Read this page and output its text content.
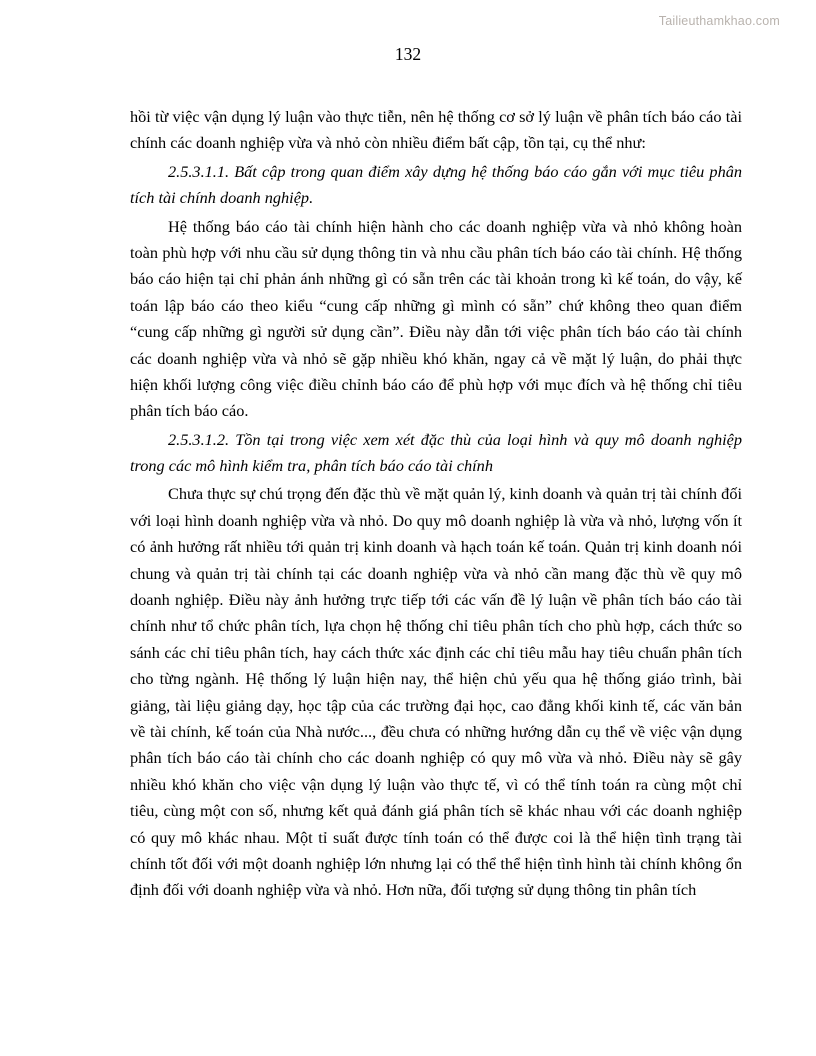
Tailieuthamkhao.com
132

hồi từ việc vận dụng lý luận vào thực tiễn, nên hệ thống cơ sở lý luận về phân tích báo cáo tài chính các doanh nghiệp vừa và nhỏ còn nhiều điểm bất cập, tồn tại, cụ thể như:

2.5.3.1.1. Bất cập trong quan điểm xây dựng hệ thống báo cáo gắn với mục tiêu phân tích tài chính doanh nghiệp.

Hệ thống báo cáo tài chính hiện hành cho các doanh nghiệp vừa và nhỏ không hoàn toàn phù hợp với nhu cầu sử dụng thông tin và nhu cầu phân tích báo cáo tài chính. Hệ thống báo cáo hiện tại chỉ phản ánh những gì có sẵn trên các tài khoản trong kì kế toán, do vậy, kế toán lập báo cáo theo kiểu “cung cấp những gì mình có sẵn” chứ không theo quan điểm “cung cấp những gì người sử dụng cần”. Điều này dẫn tới việc phân tích báo cáo tài chính các doanh nghiệp vừa và nhỏ sẽ gặp nhiều khó khăn, ngay cả về mặt lý luận, do phải thực hiện khối lượng công việc điều chỉnh báo cáo để phù hợp với mục đích và hệ thống chỉ tiêu phân tích báo cáo.

2.5.3.1.2. Tồn tại trong việc xem xét đặc thù của loại hình và quy mô doanh nghiệp trong các mô hình kiểm tra, phân tích báo cáo tài chính

Chưa thực sự chú trọng đến đặc thù về mặt quản lý, kinh doanh và quản trị tài chính đối với loại hình doanh nghiệp vừa và nhỏ. Do quy mô doanh nghiệp là vừa và nhỏ, lượng vốn ít có ảnh hưởng rất nhiều tới quản trị kinh doanh và hạch toán kế toán. Quản trị kinh doanh nói chung và quản trị tài chính tại các doanh nghiệp vừa và nhỏ cần mang đặc thù về quy mô doanh nghiệp. Điều này ảnh hưởng trực tiếp tới các vấn đề lý luận về phân tích báo cáo tài chính như tổ chức phân tích, lựa chọn hệ thống chỉ tiêu phân tích cho phù hợp, cách thức so sánh các chỉ tiêu phân tích, hay cách thức xác định các chỉ tiêu mẫu hay tiêu chuẩn phân tích cho từng ngành. Hệ thống lý luận hiện nay, thể hiện chủ yếu qua hệ thống giáo trình, bài giảng, tài liệu giảng dạy, học tập của các trường đại học, cao đẳng khối kinh tế, các văn bản về tài chính, kế toán của Nhà nước..., đều chưa có những hướng dẫn cụ thể về việc vận dụng phân tích báo cáo tài chính cho các doanh nghiệp có quy mô vừa và nhỏ. Điều này sẽ gây nhiều khó khăn cho việc vận dụng lý luận vào thực tế, vì có thể tính toán ra cùng một chỉ tiêu, cùng một con số, nhưng kết quả đánh giá phân tích sẽ khác nhau với các doanh nghiệp có quy mô khác nhau. Một tỉ suất được tính toán có thể được coi là thể hiện tình trạng tài chính tốt đối với một doanh nghiệp lớn nhưng lại có thể thể hiện tình hình tài chính không ổn định đối với doanh nghiệp vừa và nhỏ. Hơn nữa, đối tượng sử dụng thông tin phân tích
